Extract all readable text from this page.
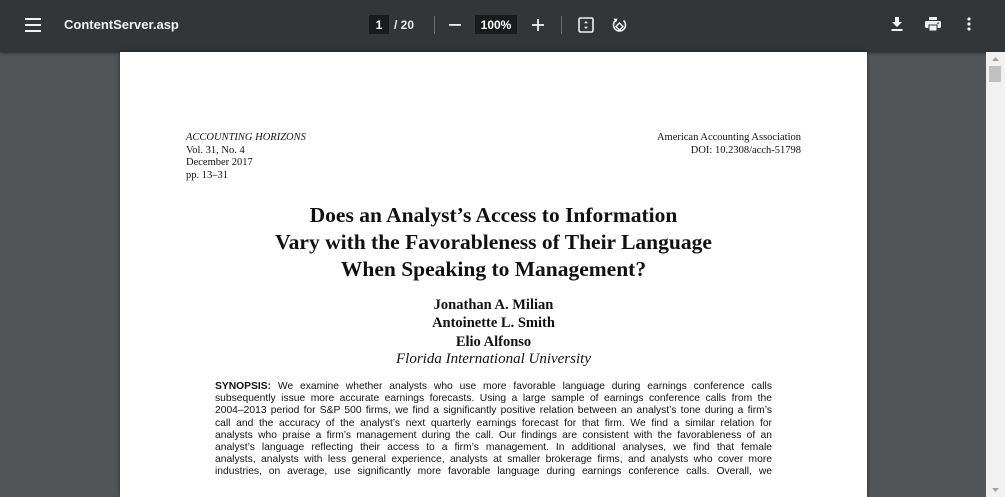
ContentServer.asp	1 / 20	100%
ACCOUNTING HORIZONS
Vol. 31, No. 4
December 2017
pp. 13–31
American Accounting Association
DOI: 10.2308/acch-51798
Does an Analyst’s Access to Information
Vary with the Favorableness of Their Language
When Speaking to Management?
Jonathan A. Milian
Antoinette L. Smith
Elio Alfonso
Florida International University
SYNOPSIS: We examine whether analysts who use more favorable language during earnings conference calls
subsequently issue more accurate earnings forecasts. Using a large sample of earnings conference calls from the
2004–2013 period for S&P 500 firms, we find a significantly positive relation between an analyst’s tone during a firm’s
call and the accuracy of the analyst’s next quarterly earnings forecast for that firm. We find a similar relation for
analysts who praise a firm’s management during the call. Our findings are consistent with the favorableness of an
analyst’s language reflecting their access to a firm’s management. In additional analyses, we find that female
analysts, analysts with less general experience, analysts at smaller brokerage firms, and analysts who cover more
industries, on average, use significantly more favorable language during earnings conference calls. Overall, we
